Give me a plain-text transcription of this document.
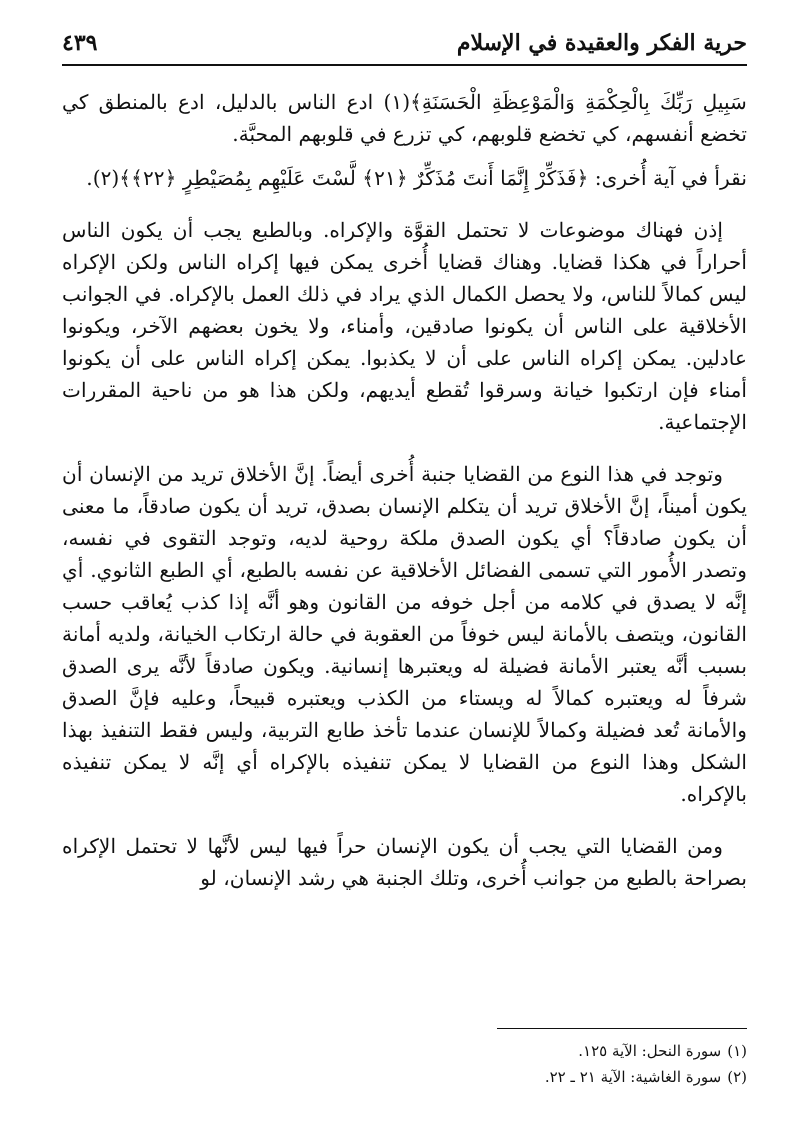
حرية الفكر والعقيدة في الإسلام
٤٣٩

سَبِيلِ رَبِّكَ بِالْحِكْمَةِ وَالْمَوْعِظَةِ الْحَسَنَةِ﴾(١) ادع الناس بالدليل، ادع بالمنطق كي تخضع أنفسهم، كي تخضع قلوبهم، كي تزرع في قلوبهم المحبَّة.

نقرأ في آية أُخرى: ﴿فَذَكِّرْ إِنَّمَا أَنتَ مُذَكِّرٌ ﴿٢١﴾ لَّسْتَ عَلَيْهِم بِمُصَيْطِرٍ ﴿٢٢﴾﴾(٢).

إذن فهناك موضوعات لا تحتمل القوَّة والإكراه. وبالطبع يجب أن يكون الناس أحراراً في هكذا قضايا. وهناك قضايا أُخرى يمكن فيها إكراه الناس ولكن الإكراه ليس كمالاً للناس، ولا يحصل الكمال الذي يراد في ذلك العمل بالإكراه. في الجوانب الأخلاقية على الناس أن يكونوا صادقين، وأمناء، ولا يخون بعضهم الآخر، ويكونوا عادلين. يمكن إكراه الناس على أن لا يكذبوا. يمكن إكراه الناس على أن يكونوا أمناء فإن ارتكبوا خيانة وسرقوا تُقطع أيديهم، ولكن هذا هو من ناحية المقررات الإجتماعية.

وتوجد في هذا النوع من القضايا جنبة أُخرى أيضاً. إنَّ الأخلاق تريد من الإنسان أن يكون أميناً، إنَّ الأخلاق تريد أن يتكلم الإنسان بصدق، تريد أن يكون صادقاً، ما معنى أن يكون صادقاً؟ أي يكون الصدق ملكة روحية لديه، وتوجد التقوى في نفسه، وتصدر الأُمور التي تسمى الفضائل الأخلاقية عن نفسه بالطبع، أي الطبع الثانوي. أي إنَّه لا يصدق في كلامه من أجل خوفه من القانون وهو أنَّه إذا كذب يُعاقب حسب القانون، ويتصف بالأمانة ليس خوفاً من العقوبة في حالة ارتكاب الخيانة، ولديه أمانة بسبب أنَّه يعتبر الأمانة فضيلة له ويعتبرها إنسانية. ويكون صادقاً لأنَّه يرى الصدق شرفاً له ويعتبره كمالاً له ويستاء من الكذب ويعتبره قبيحاً، وعليه فإنَّ الصدق والأمانة تُعد فضيلة وكمالاً للإنسان عندما تأخذ طابع التربية، وليس فقط التنفيذ بهذا الشكل وهذا النوع من القضايا لا يمكن تنفيذه بالإكراه أي إنَّه لا يمكن تنفيذه بالإكراه.

ومن القضايا التي يجب أن يكون الإنسان حراً فيها ليس لأنَّها لا تحتمل الإكراه بصراحة بالطبع من جوانب أُخرى، وتلك الجنبة هي رشد الإنسان، لو

(١)سورة النحل: الآية ١٢٥.
(٢)سورة الغاشية: الآية ٢١ ـ ٢٢.
